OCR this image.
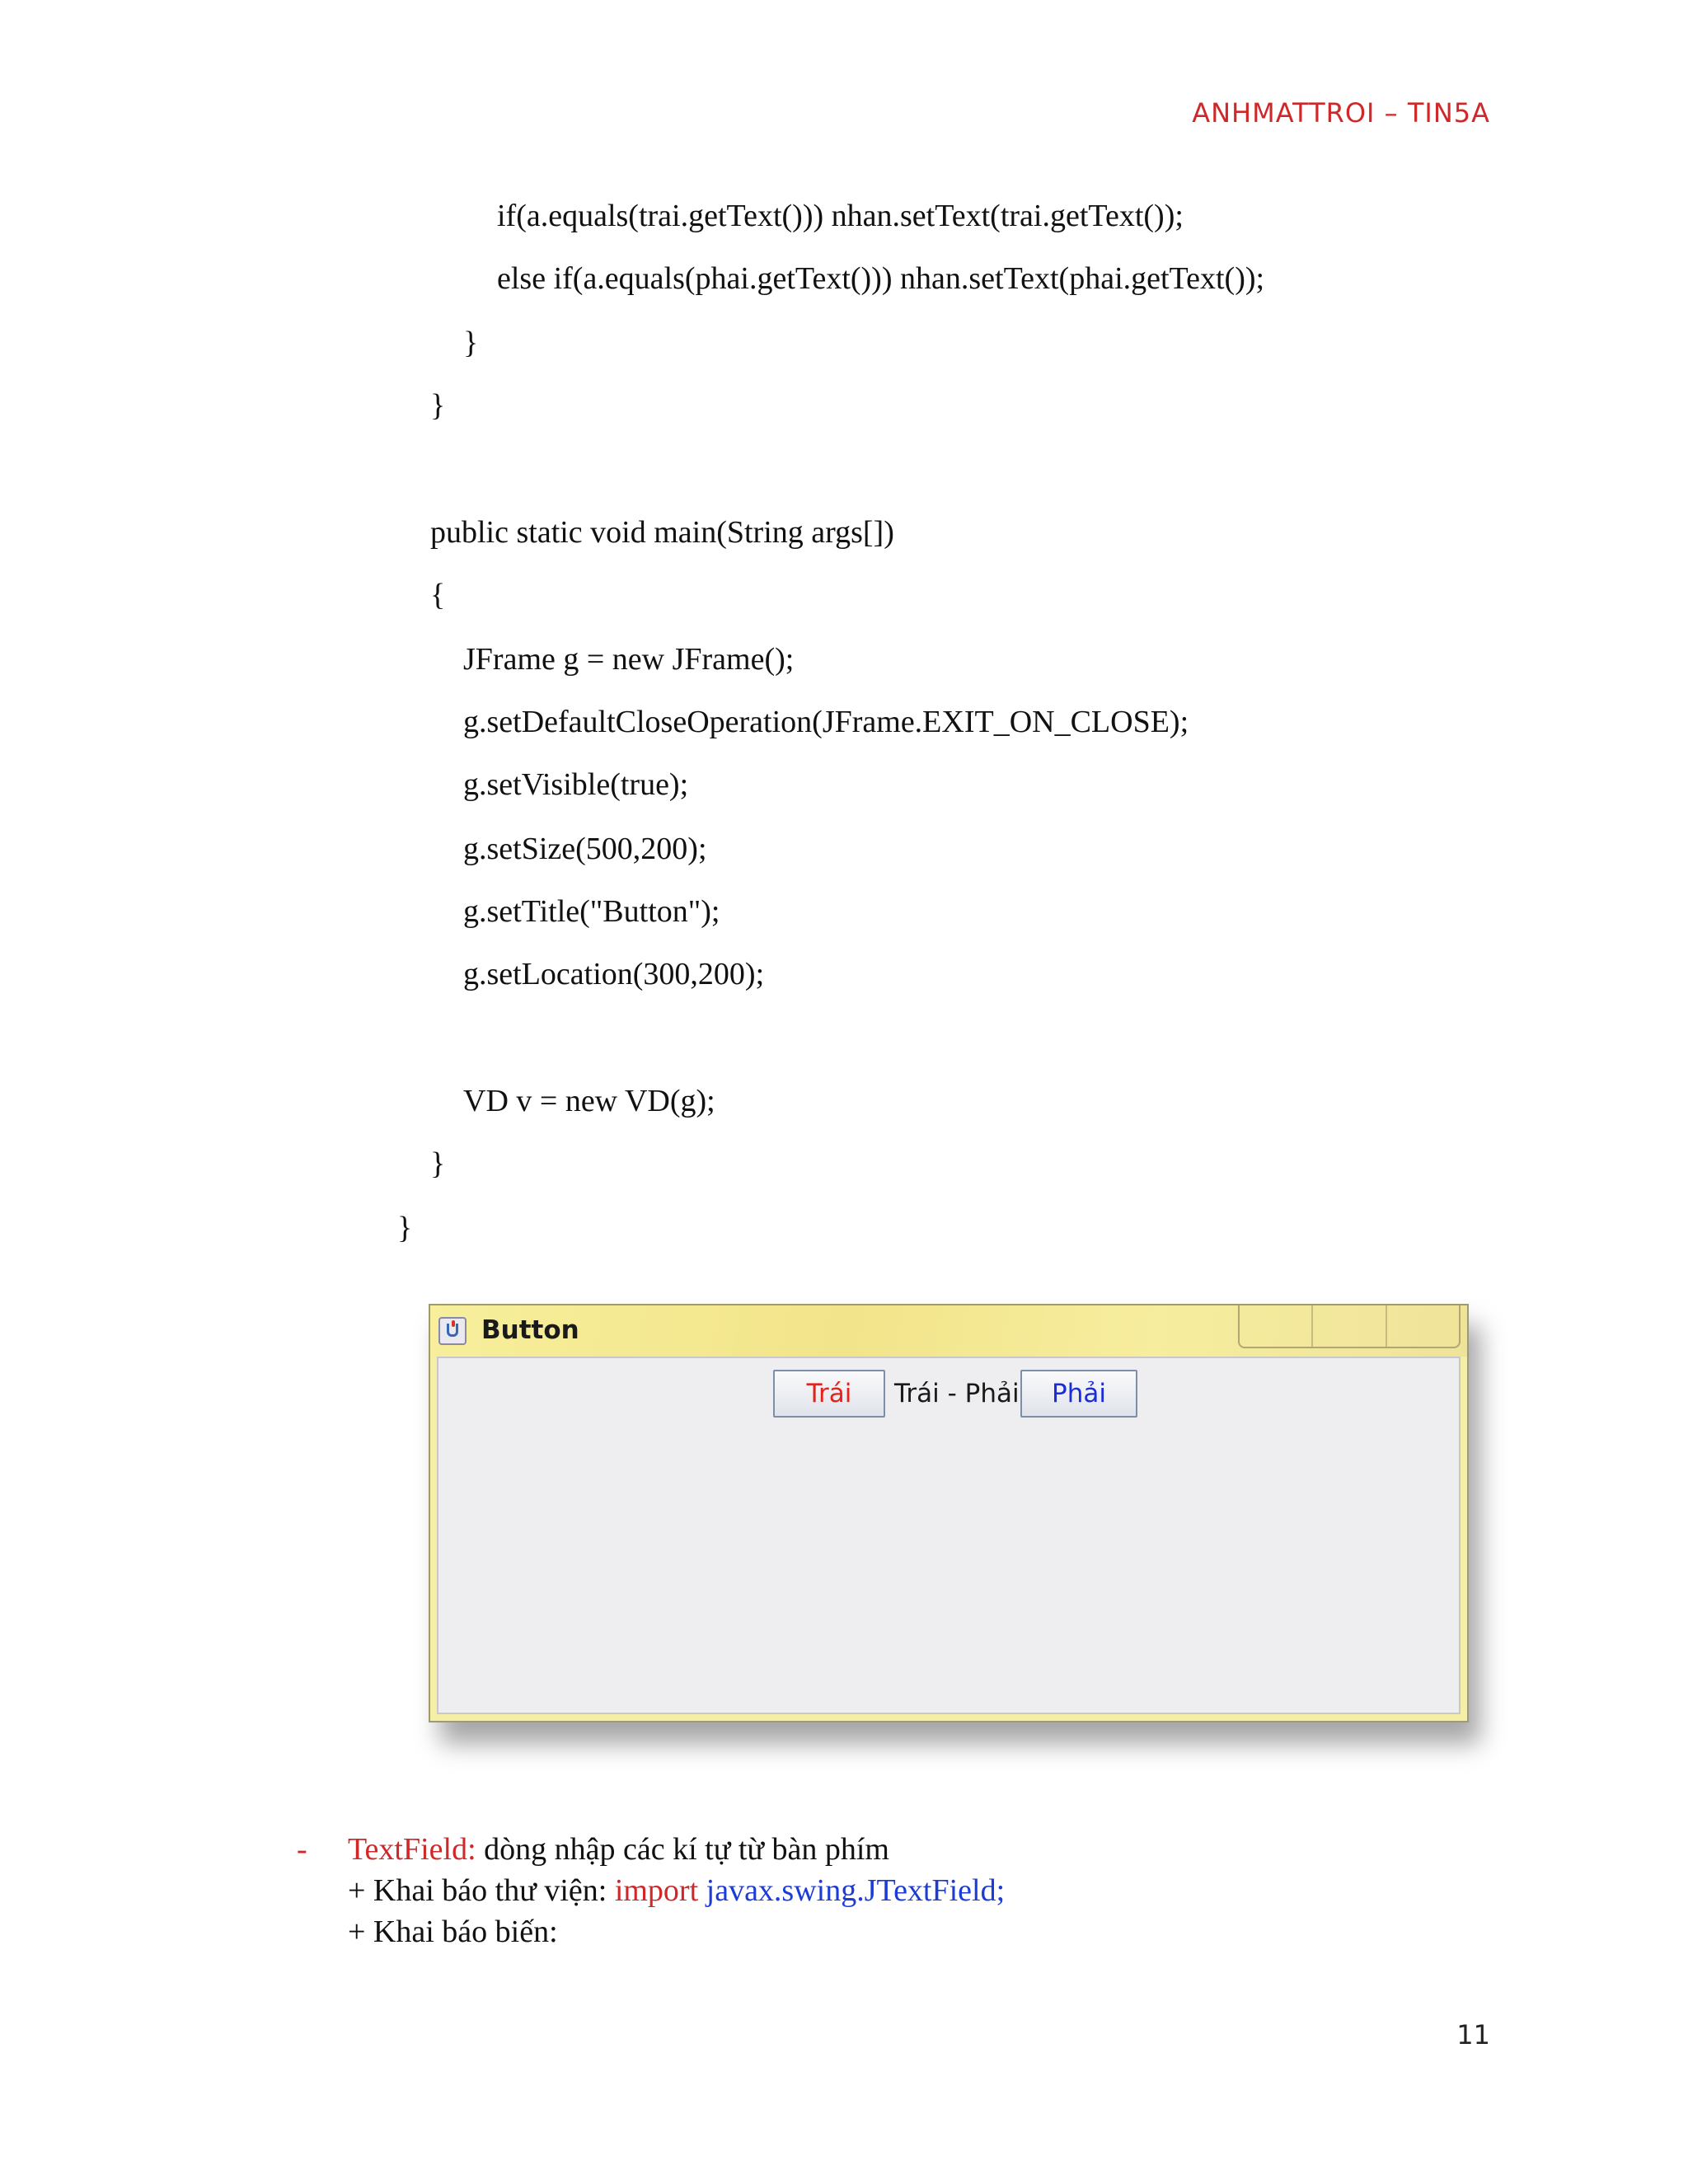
ANHMATTROI – TIN5A
if(a.equals(trai.getText())) nhan.setText(trai.getText());
else if(a.equals(phai.getText())) nhan.setText(phai.getText());
}
}
public static void main(String args[])
{
JFrame g = new JFrame();
g.setDefaultCloseOperation(JFrame.EXIT_ON_CLOSE);
g.setVisible(true);
g.setSize(500,200);
g.setTitle("Button");
g.setLocation(300,200);
VD v = new VD(g);
}
}
Button
Trái	Trái - Phải	Phải
- TextField: dòng nhập các kí tự từ bàn phím
+ Khai báo thư viện: import javax.swing.JTextField;
+ Khai báo biến:
11
